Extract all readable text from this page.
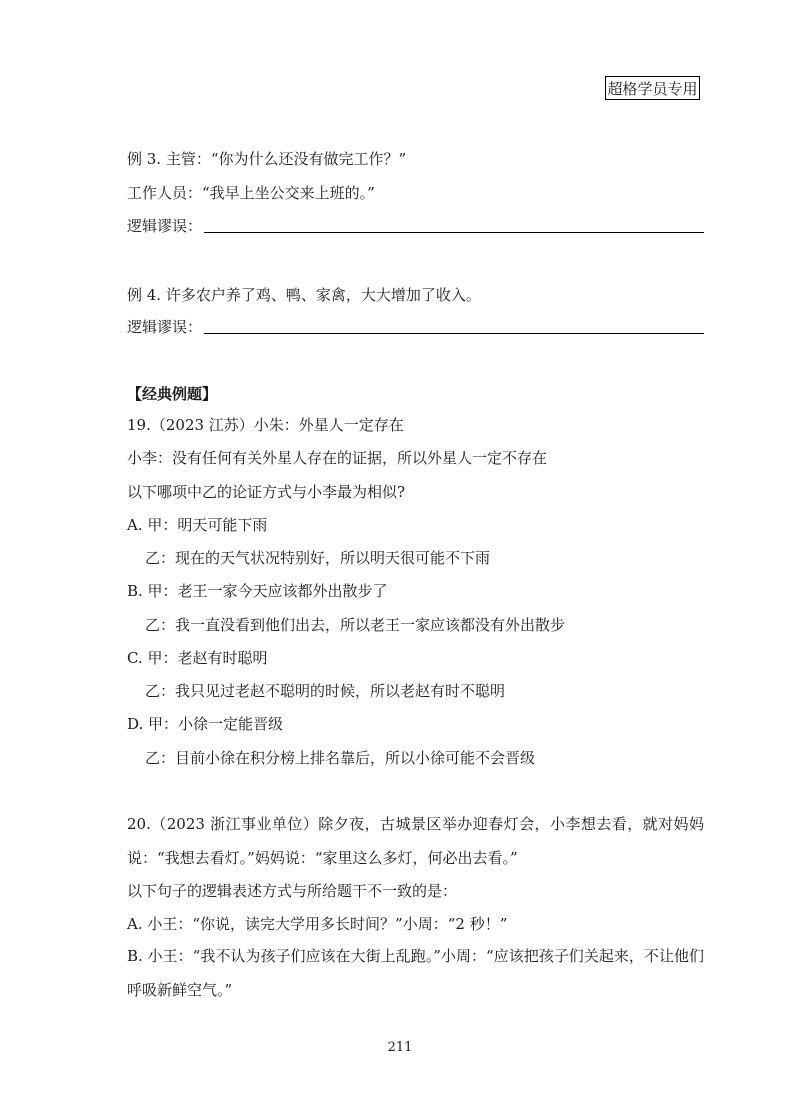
超格学员专用
例 3. 主管：“你为什么还没有做完工作？”
工作人员：“我早上坐公交来上班的。”
逻辑谬误：
例 4. 许多农户养了鸡、鸭、家禽，大大增加了收入。
逻辑谬误：
【经典例题】
19.（2023 江苏）小朱：外星人一定存在
小李：没有任何有关外星人存在的证据，所以外星人一定不存在
以下哪项中乙的论证方式与小李最为相似?
A. 甲：明天可能下雨
乙：现在的天气状况特别好，所以明天很可能不下雨
B. 甲：老王一家今天应该都外出散步了
乙：我一直没看到他们出去，所以老王一家应该都没有外出散步
C. 甲：老赵有时聪明
乙：我只见过老赵不聪明的时候，所以老赵有时不聪明
D. 甲：小徐一定能晋级
乙：目前小徐在积分榜上排名靠后，所以小徐可能不会晋级
20.（2023 浙江事业单位）除夕夜，古城景区举办迎春灯会，小李想去看，就对妈妈说：“我想去看灯。”妈妈说：“家里这么多灯，何必出去看。”
以下句子的逻辑表述方式与所给题干不一致的是：
A. 小王：“你说，读完大学用多长时间？”小周：“2 秒！”
B. 小王：“我不认为孩子们应该在大街上乱跑。”小周：“应该把孩子们关起来，不让他们呼吸新鲜空气。”
211
